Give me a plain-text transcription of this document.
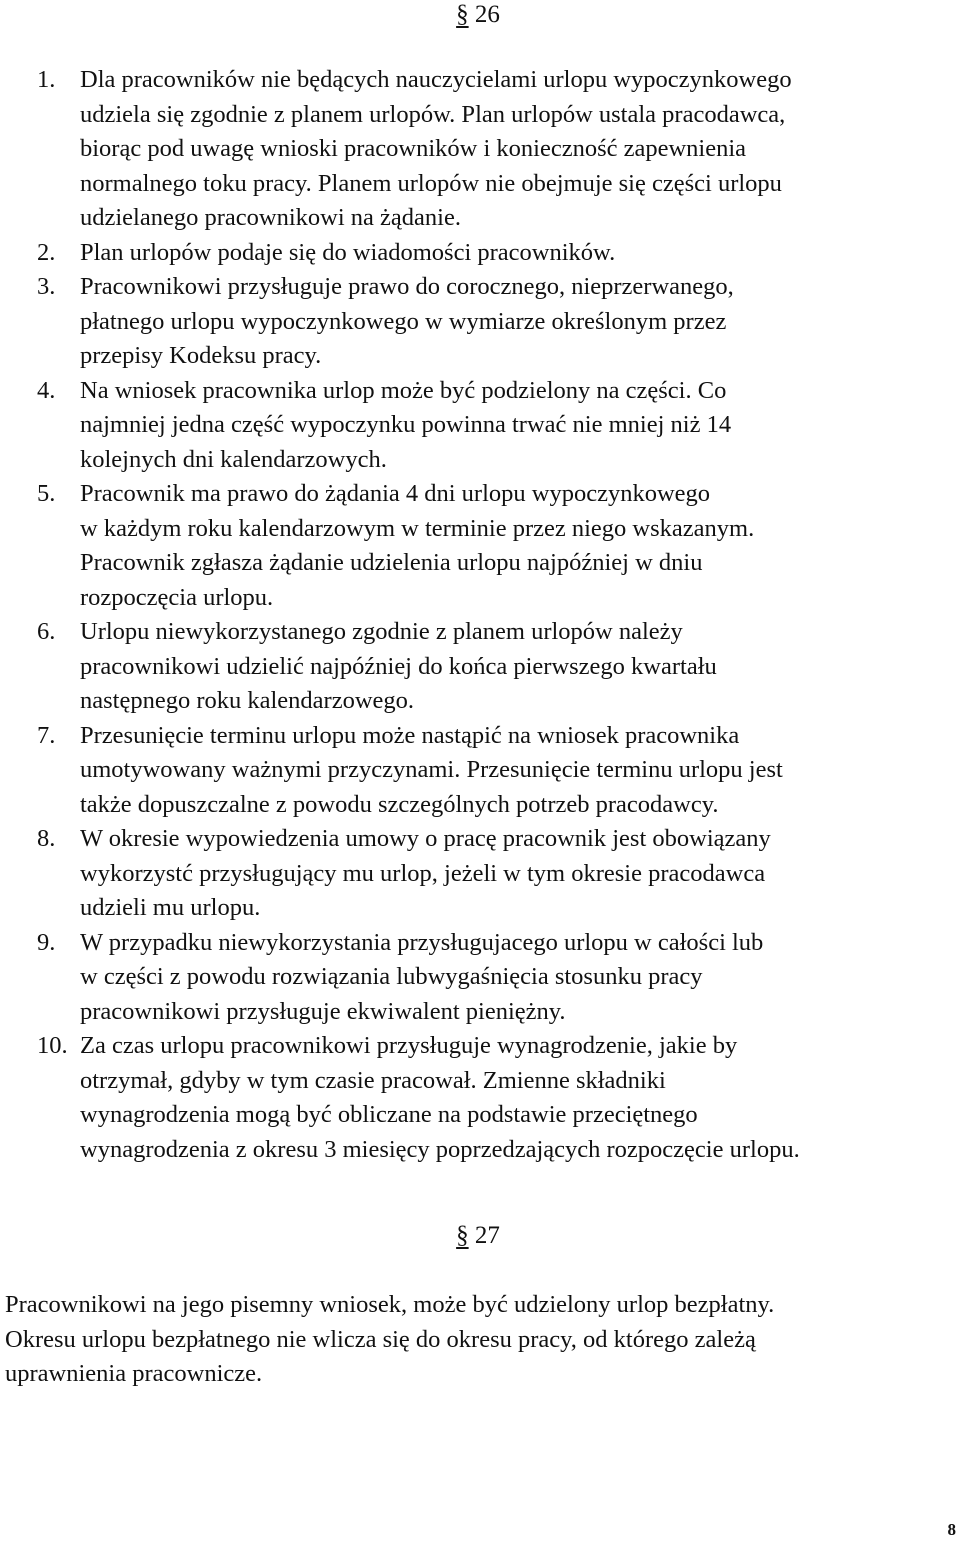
§ 26
1. Dla pracowników nie będących nauczycielami urlopu wypoczynkowego
udziela się zgodnie z planem urlopów. Plan urlopów ustala pracodawca,
biorąc pod uwagę wnioski pracowników i konieczność zapewnienia
normalnego toku pracy. Planem urlopów nie obejmuje się części urlopu
udzielanego pracownikowi na żądanie.
2. Plan urlopów podaje się do wiadomości pracowników.
3. Pracownikowi przysługuje prawo do corocznego, nieprzerwanego,
płatnego urlopu wypoczynkowego w wymiarze określonym przez
przepisy Kodeksu pracy.
4. Na wniosek pracownika urlop może być podzielony na części. Co
najmniej jedna część wypoczynku powinna trwać nie mniej niż 14
kolejnych dni kalendarzowych.
5. Pracownik ma prawo do żądania 4 dni urlopu wypoczynkowego
w każdym roku kalendarzowym w terminie przez niego wskazanym.
Pracownik zgłasza żądanie udzielenia urlopu najpóźniej w dniu
rozpoczęcia urlopu.
6. Urlopu niewykorzystanego zgodnie z planem urlopów należy
pracownikowi udzielić najpóźniej do końca pierwszego kwartału
następnego roku kalendarzowego.
7. Przesunięcie terminu urlopu może nastąpić na wniosek pracownika
umotywowany ważnymi przyczynami. Przesunięcie terminu urlopu jest
także dopuszczalne z powodu szczególnych potrzeb pracodawcy.
8. W okresie wypowiedzenia umowy o pracę pracownik jest obowiązany
wykorzystć przysługujący mu urlop, jeżeli w tym okresie pracodawca
udzieli mu urlopu.
9. W przypadku niewykorzystania przysługujacego urlopu w całości lub
w części z powodu rozwiązania lubwygaśnięcia stosunku pracy
pracownikowi przysługuje ekwiwalent pieniężny.
10. Za czas urlopu pracownikowi przysługuje wynagrodzenie, jakie by
otrzymał, gdyby w tym czasie pracował. Zmienne składniki
wynagrodzenia mogą być obliczane na podstawie przeciętnego
wynagrodzenia z okresu 3 miesięcy poprzedzających rozpoczęcie urlopu.
§ 27

Pracownikowi na jego pisemny wniosek, może być udzielony urlop bezpłatny.
Okresu urlopu bezpłatnego nie wlicza się do okresu pracy, od którego zależą
uprawnienia pracownicze.

8
